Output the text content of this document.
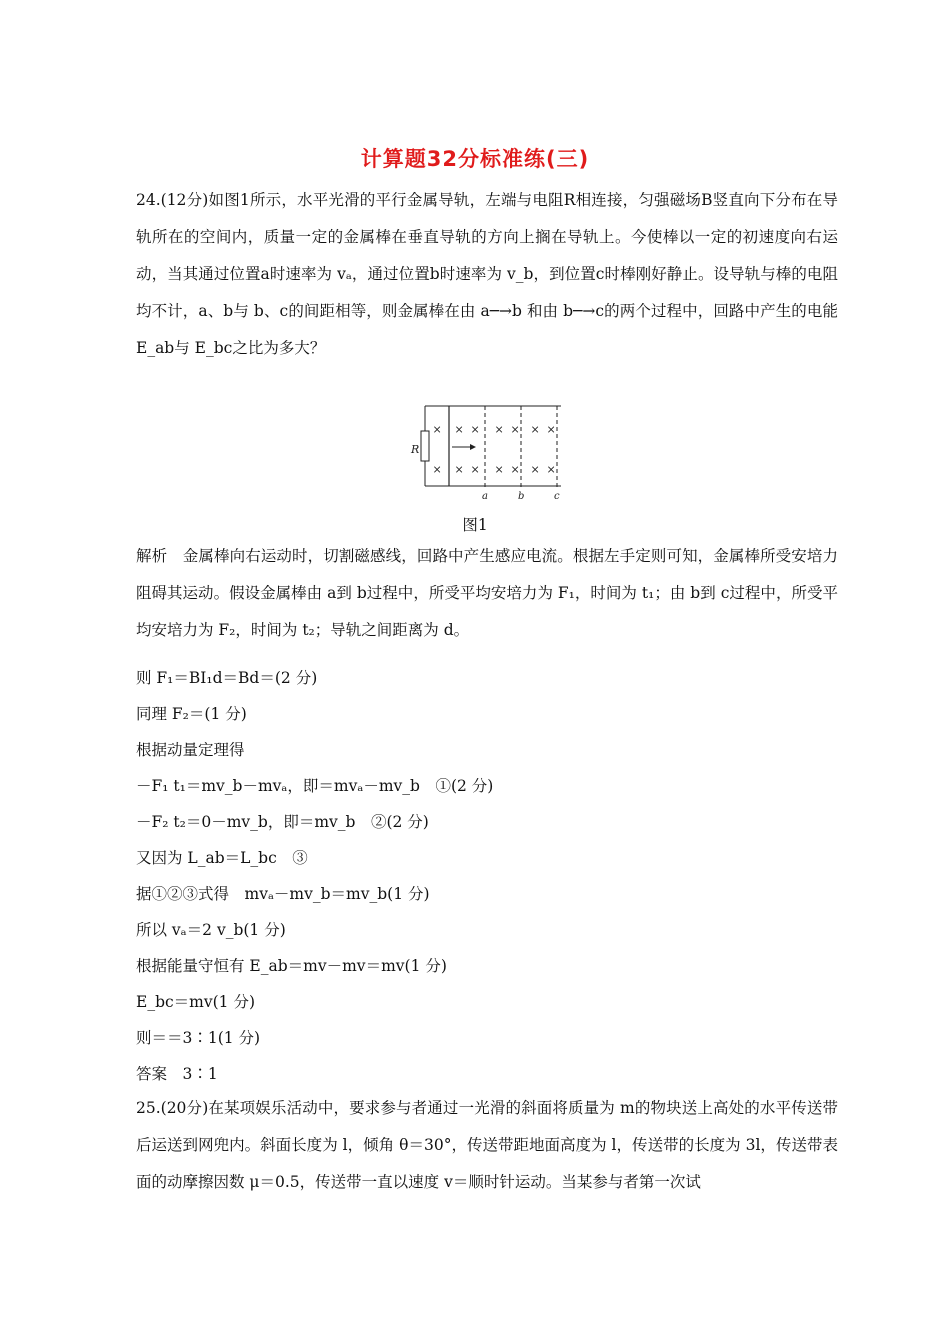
计算题32分标准练(三)
24.(12分)如图1所示，水平光滑的平行金属导轨，左端与电阻R相连接，匀强磁场B竖直向下分布在导轨所在的空间内，质量一定的金属棒在垂直导轨的方向上搁在导轨上。今使棒以一定的初速度向右运动，当其通过位置a时速率为 vₐ，通过位置b时速率为 v_b，到位置c时棒刚好静止。设导轨与棒的电阻均不计，a、b与 b、c的间距相等，则金属棒在由 a─→b 和由 b─→c的两个过程中，回路中产生的电能 E_ab与 E_bc之比为多大？
R
× × × × × × ×
× × × × × × ×
a	b	c
图1
解析　金属棒向右运动时，切割磁感线，回路中产生感应电流。根据左手定则可知，金属棒所受安培力阻碍其运动。假设金属棒由 a到 b过程中，所受平均安培力为 F₁，时间为 t₁；由 b到 c过程中，所受平均安培力为 F₂，时间为 t₂；导轨之间距离为 d。
则 F₁＝BI₁d＝Bd＝(2 分)
同理 F₂＝(1 分)
根据动量定理得
－F₁ t₁＝mv_b－mvₐ，即＝mvₐ－mv_b　①(2 分)
－F₂ t₂＝0－mv_b，即＝mv_b　②(2 分)
又因为 L_ab＝L_bc　③
据①②③式得　mvₐ－mv_b＝mv_b(1 分)
所以 vₐ＝2 v_b(1 分)
根据能量守恒有 E_ab＝mv－mv＝mv(1 分)
E_bc＝mv(1 分)
则＝＝3∶1(1 分)
答案　3∶1
25.(20分)在某项娱乐活动中，要求参与者通过一光滑的斜面将质量为 m的物块送上高处的水平传送带后运送到网兜内。斜面长度为 l，倾角 θ＝30°，传送带距地面高度为 l，传送带的长度为 3l，传送带表面的动摩擦因数 μ＝0.5，传送带一直以速度 v＝顺时针运动。当某参与者第一次试
